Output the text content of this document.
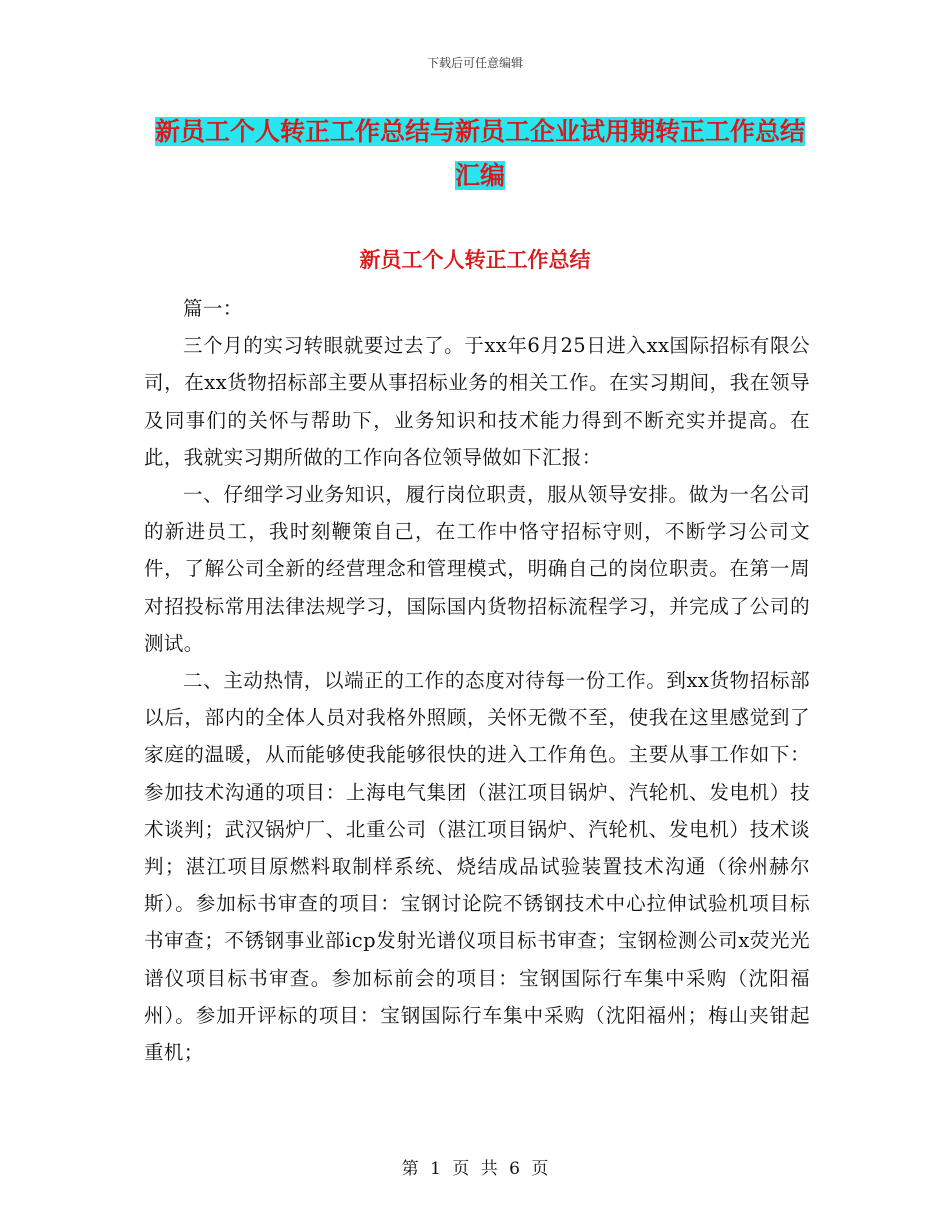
下载后可任意编辑
新员工个人转正工作总结与新员工企业试用期转正工作总结汇编
新员工个人转正工作总结

篇一：

三个月的实习转眼就要过去了。于xx年6月25日进入xx国际招标有限公司，在xx货物招标部主要从事招标业务的相关工作。在实习期间，我在领导及同事们的关怀与帮助下，业务知识和技术能力得到不断充实并提高。在此，我就实习期所做的工作向各位领导做如下汇报：

一、仔细学习业务知识，履行岗位职责，服从领导安排。做为一名公司的新进员工，我时刻鞭策自己，在工作中恪守招标守则，不断学习公司文件，了解公司全新的经营理念和管理模式，明确自己的岗位职责。在第一周对招投标常用法律法规学习，国际国内货物招标流程学习，并完成了公司的测试。

二、主动热情，以端正的工作的态度对待每一份工作。到xx货物招标部以后，部内的全体人员对我格外照顾，关怀无微不至，使我在这里感觉到了家庭的温暖，从而能够使我能够很快的进入工作角色。主要从事工作如下：参加技术沟通的项目：上海电气集团（湛江项目锅炉、汽轮机、发电机）技术谈判；武汉锅炉厂、北重公司（湛江项目锅炉、汽轮机、发电机）技术谈判；湛江项目原燃料取制样系统、烧结成品试验装置技术沟通（徐州赫尔斯）。参加标书审查的项目：宝钢讨论院不锈钢技术中心拉伸试验机项目标书审查；不锈钢事业部icp发射光谱仪项目标书审查；宝钢检测公司x荧光光谱仪项目标书审查。参加标前会的项目：宝钢国际行车集中采购（沈阳福州）。参加开评标的项目：宝钢国际行车集中采购（沈阳福州；梅山夹钳起重机；

第 1 页 共 6 页
